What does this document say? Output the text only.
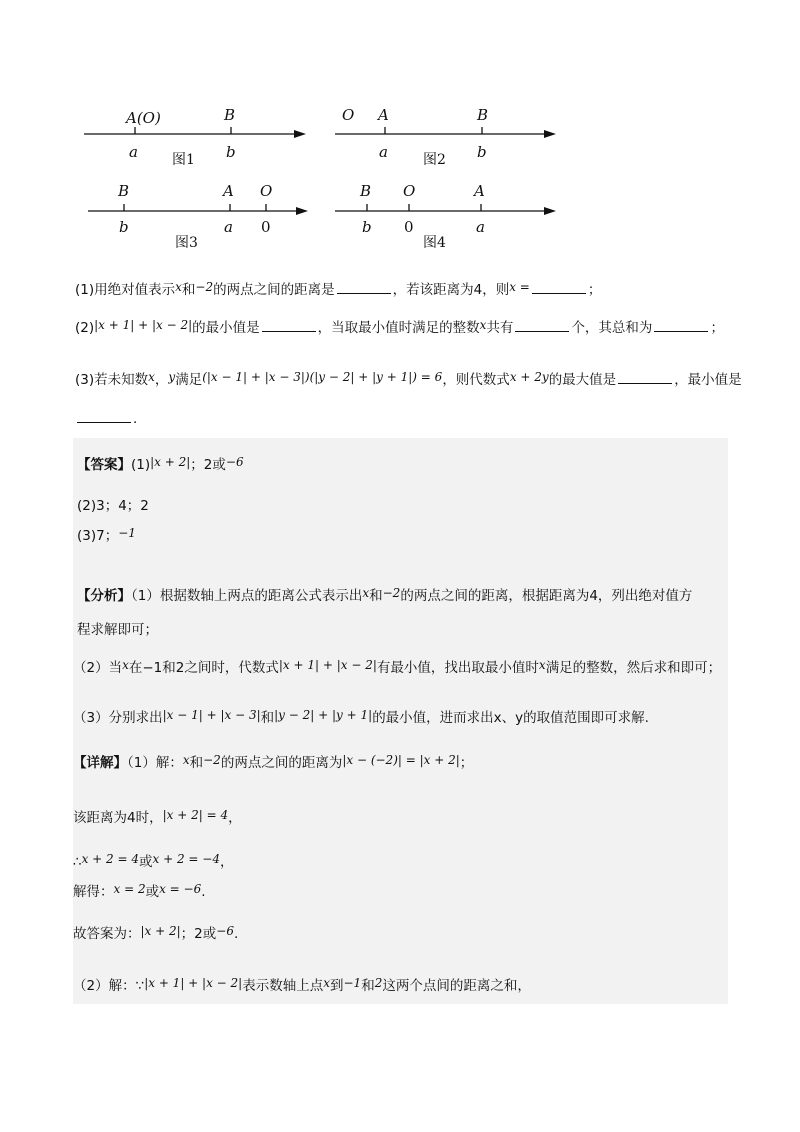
A(O)	B
a	b
图1
O A	B
a	b
图2
B	A O
b	a 0
图3
B O	A
b 0	a
图4
(1)用绝对值表示x和−2的两点之间的距离是	，若该距离为4，则x =	；
(2)|x + 1| + |x − 2|的最小值是	，当取最小值时满足的整数x共有	个，其总和为	；
(3)若未知数x，y满足(|x − 1| + |x − 3|)(|y − 2| + |y + 1|) = 6，则代数式x + 2y的最大值是	，最小值是
.
【答案】(1)|x + 2|；2或−6
(2)3；4；2
(3)7；−1
【分析】（1）根据数轴上两点的距离公式表示出x和−2的两点之间的距离，根据距离为4，列出绝对值方
程求解即可；
（2）当x在−1和2之间时，代数式|x + 1| + |x − 2|有最小值，找出取最小值时x满足的整数，然后求和即可；
（3）分别求出|x − 1| + |x − 3|和|y − 2| + |y + 1|的最小值，进而求出x、y的取值范围即可求解.
【详解】（1）解：x和−2的两点之间的距离为|x − (−2)| = |x + 2|；
该距离为4时，|x + 2| = 4，
∴x + 2 = 4或x + 2 = −4，
解得：x = 2或x = −6.
故答案为：|x + 2|；2或−6.
（2）解：∵|x + 1| + |x − 2|表示数轴上点x到−1和2这两个点间的距离之和，
